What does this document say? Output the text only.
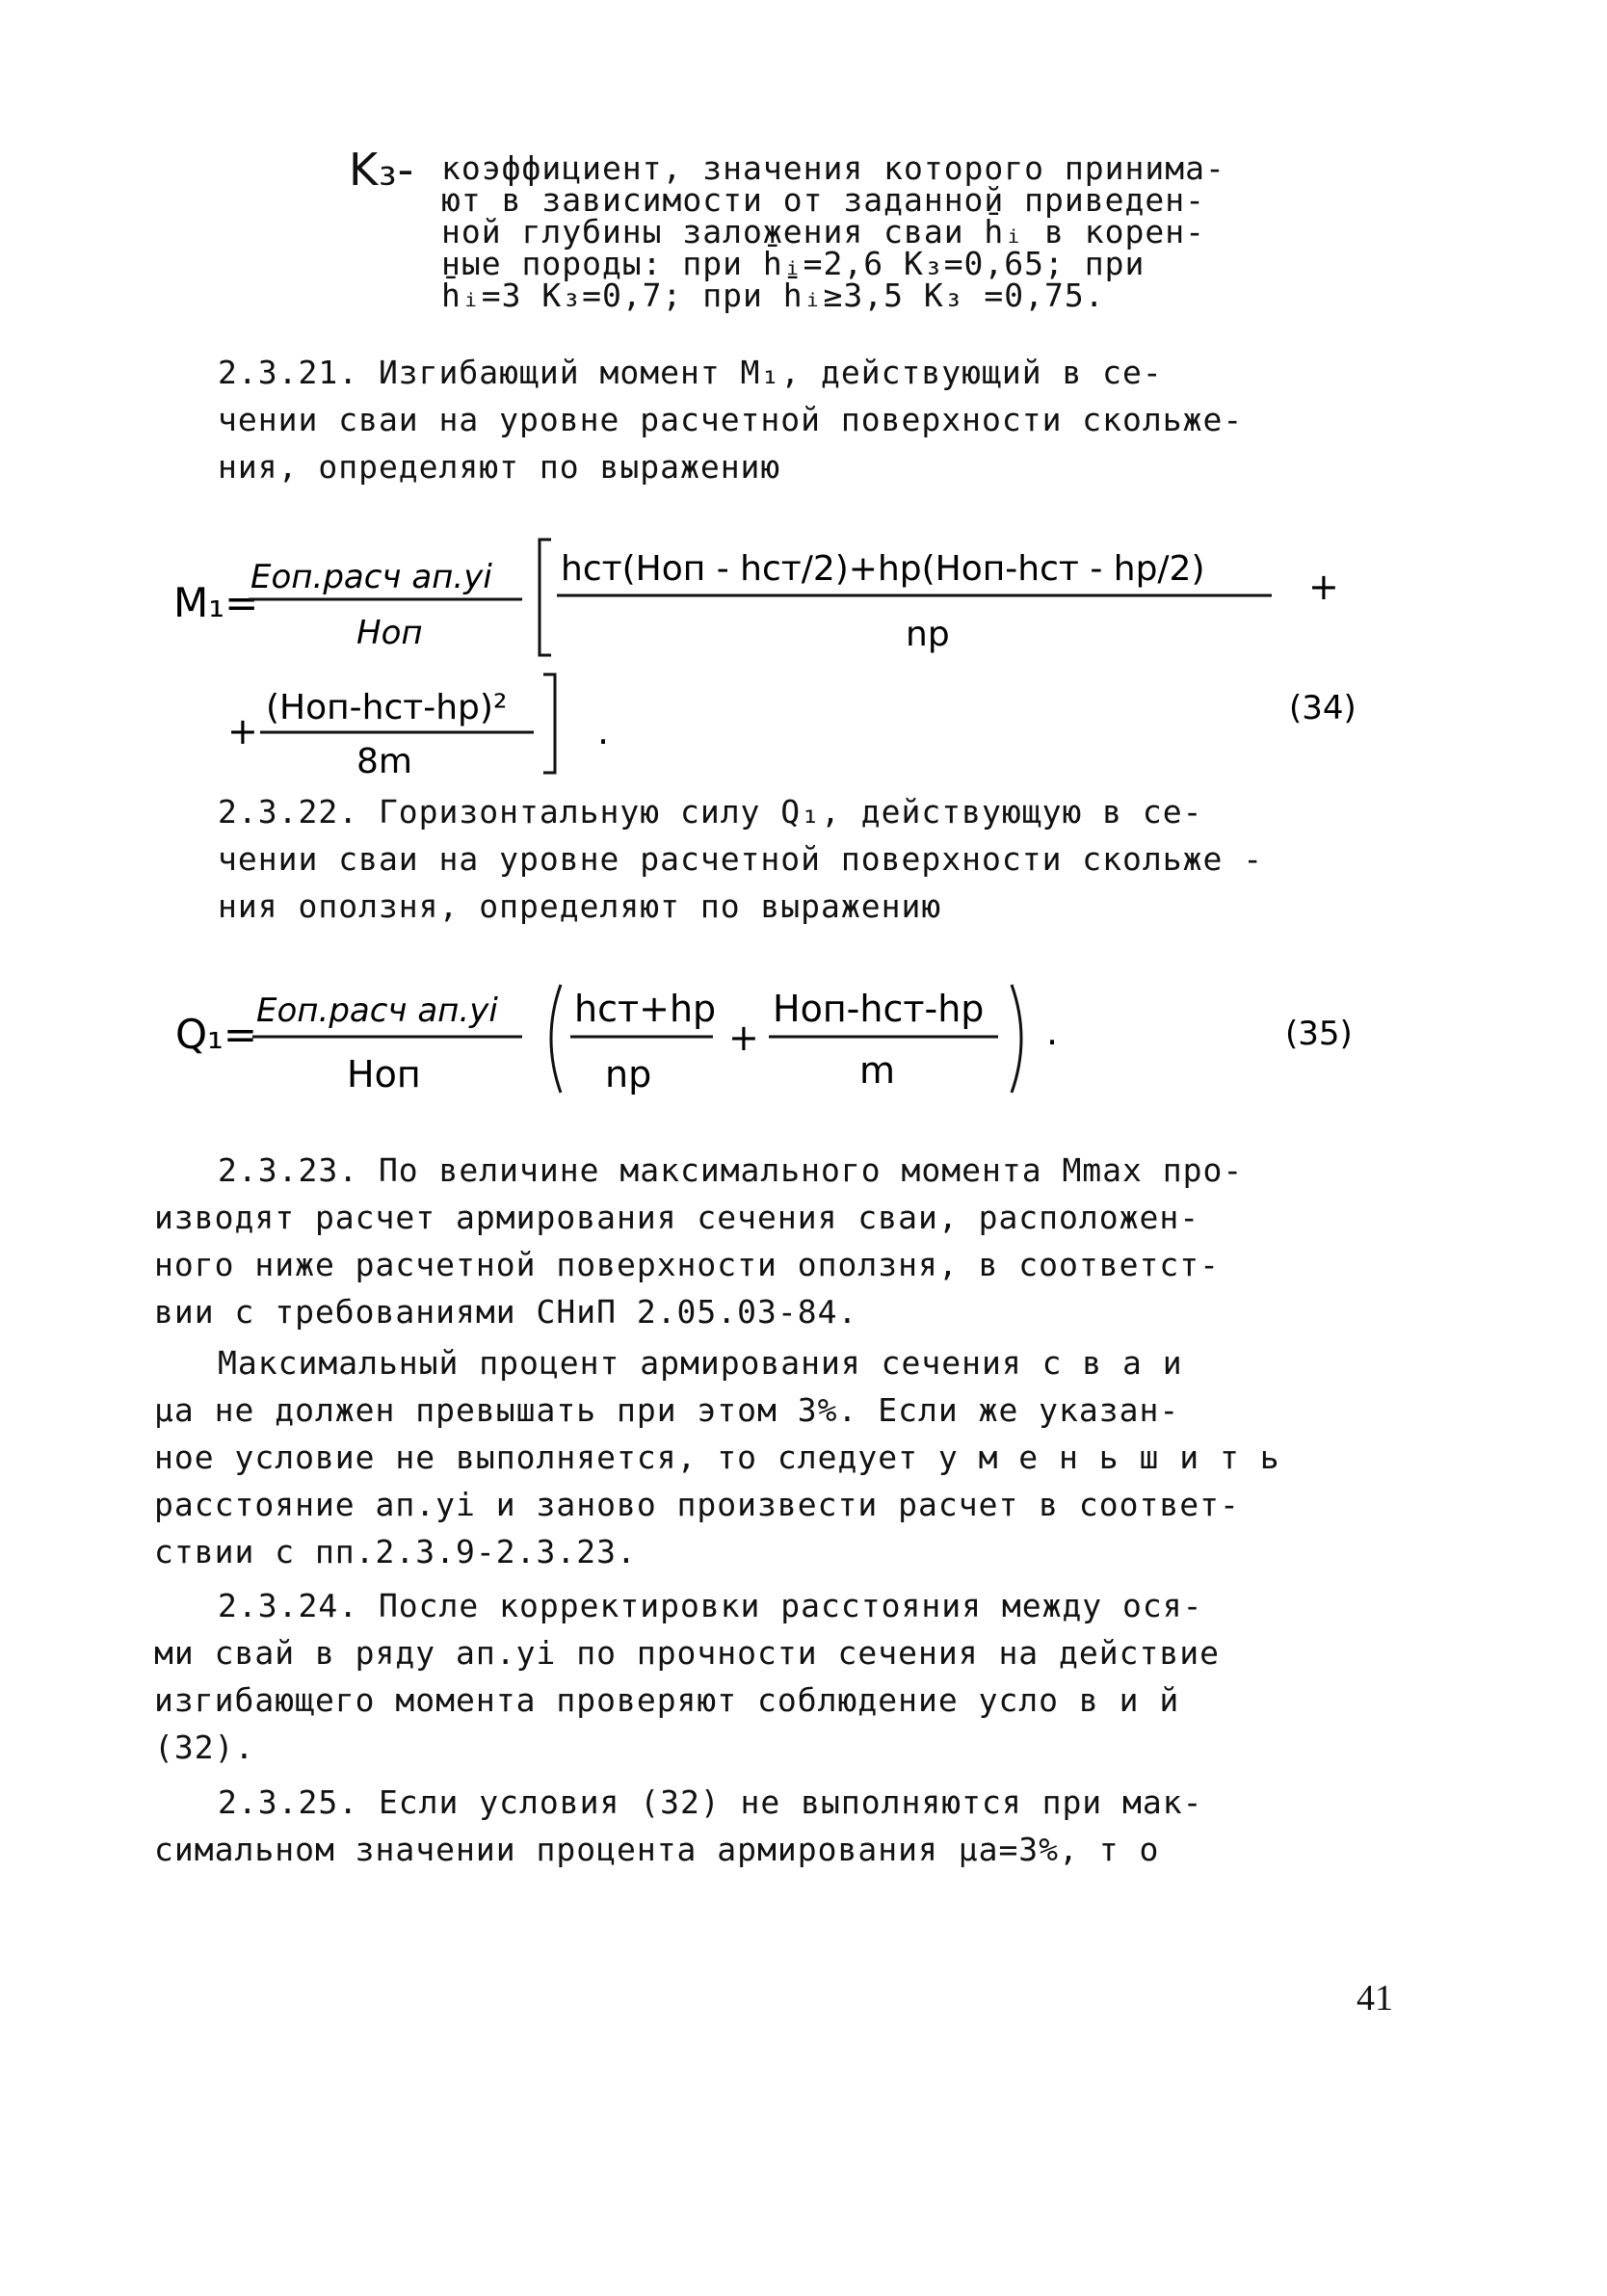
K₃- коэффициент, значения которого принима-
ют в зависимости от заданной приведен-
ной глубины заложения сваи h̄ᵢ в корен-
ные породы: при h̄ᵢ=2,6 K₃=0,65; при
h̄ᵢ=3 K₃=0,7; при h̄ᵢ≥3,5 K₃ =0,75.
2.3.21. Изгибающий момент M₁, действующий в се-
чении сваи на уровне расчетной поверхности скольже-
ния, определяют по выражению
M₁=
Eоп.расч aп.уi
Hоп
hст(Hоп - hст/2)+hр(Hоп-hст - hр/2)
nр
+
+
(Hоп-hст-hр)²
8m
.
(34)
2.3.22. Горизонтальную силу Q₁, действующую в се-
чении сваи на уровне расчетной поверхности скольже -
ния оползня, определяют по выражению
Q₁=
Eоп.расч aп.уi
Hоп
hст+hр
nр
+
Hоп-hст-hр
m
.	(35)
2.3.23. По величине максимального момента Mmax про-
изводят расчет армирования сечения сваи, расположен-
ного ниже расчетной поверхности оползня, в соответст-
вии с требованиями СНиП 2.05.03-84.
Максимальный процент армирования сечения с в а и
μа не должен превышать при этом 3%. Если же указан-
ное условие не выполняется, то следует у м е н ь ш и т ь
расстояние aп.уi и заново произвести расчет в соответ-
ствии с пп.2.3.9-2.3.23.
2.3.24. После корректировки расстояния между ося-
ми свай в ряду aп.уi по прочности сечения на действие
изгибающего момента проверяют соблюдение усло в и й
(32).
2.3.25. Если условия (32) не выполняются при мак-
симальном значении процента армирования μа=3%, т о
41
